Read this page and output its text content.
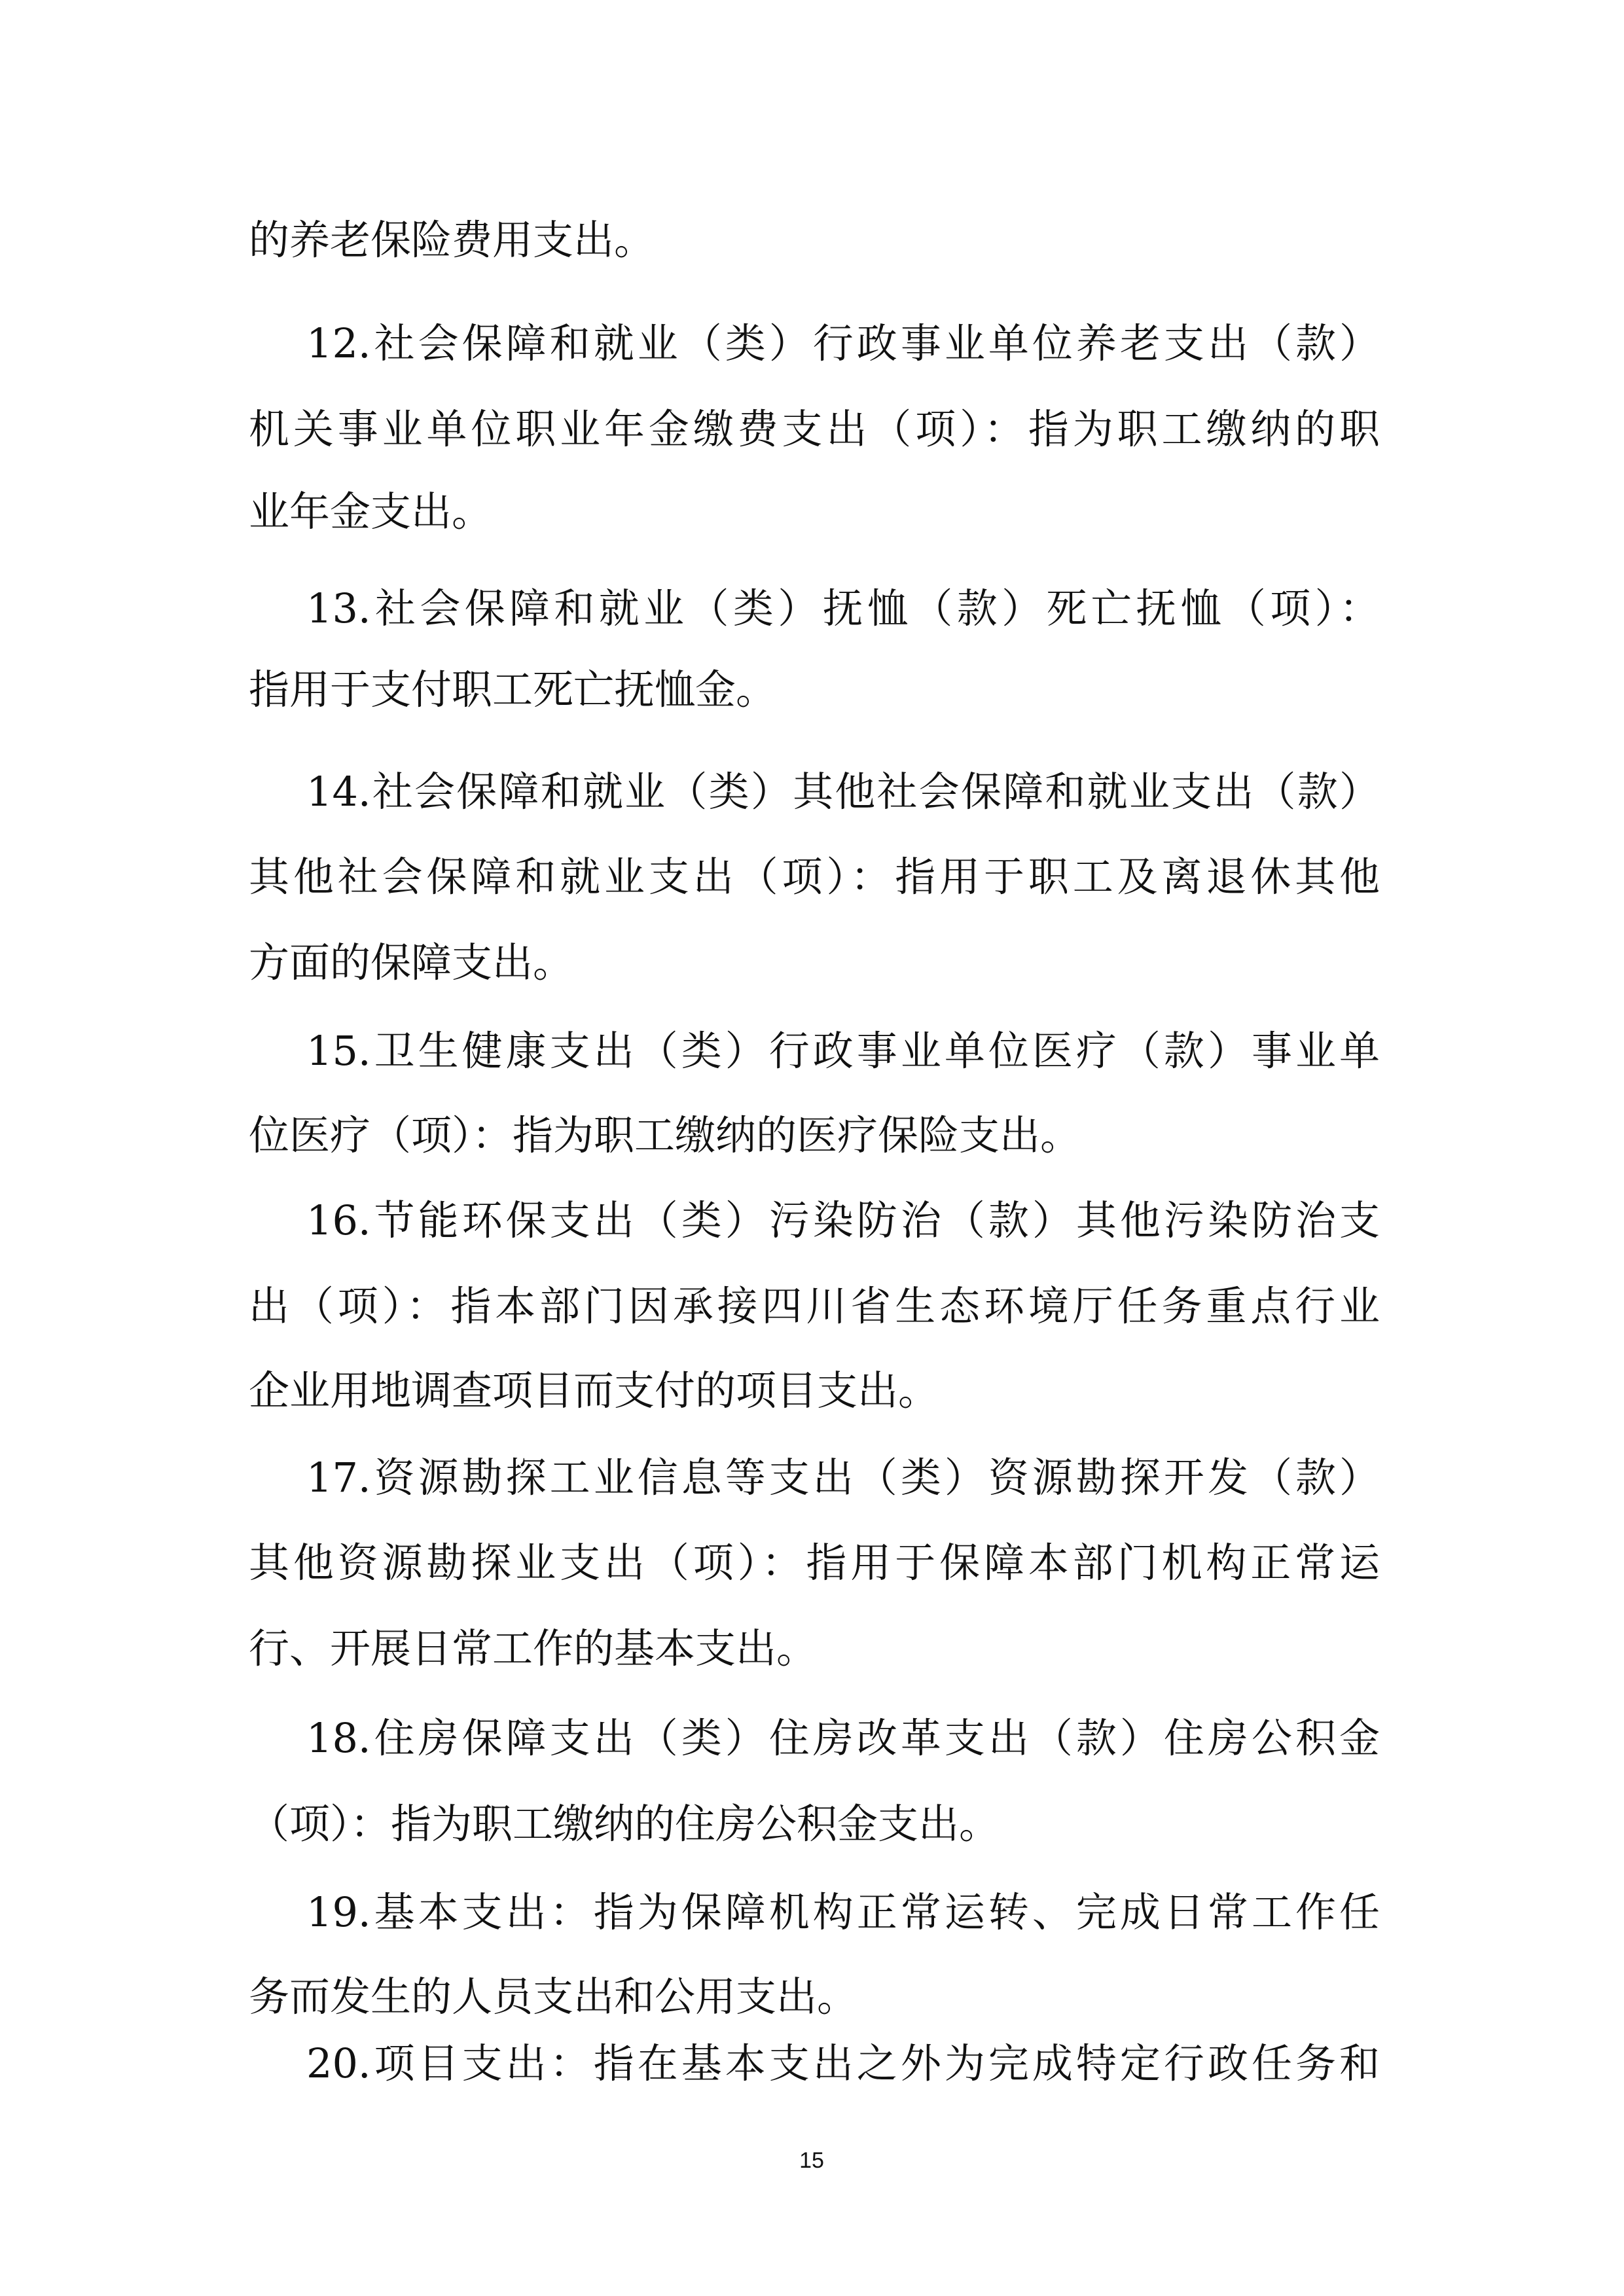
的养老保险费用支出。
12.社会保障和就业（类）行政事业单位养老支出（款）
机关事业单位职业年金缴费支出（项）：指为职工缴纳的职
业年金支出。
13.社会保障和就业（类）抚恤（款）死亡抚恤（项）：
指用于支付职工死亡抚恤金。
14.社会保障和就业（类）其他社会保障和就业支出（款）
其他社会保障和就业支出（项）：指用于职工及离退休其他
方面的保障支出。
15.卫生健康支出（类）行政事业单位医疗（款）事业单
位医疗（项）：指为职工缴纳的医疗保险支出。
16.节能环保支出（类）污染防治（款）其他污染防治支
出（项）：指本部门因承接四川省生态环境厅任务重点行业
企业用地调查项目而支付的项目支出。
17.资源勘探工业信息等支出（类）资源勘探开发（款）
其他资源勘探业支出（项）：指用于保障本部门机构正常运
行、开展日常工作的基本支出。
18.住房保障支出（类）住房改革支出（款）住房公积金
（项）：指为职工缴纳的住房公积金支出。
19.基本支出：指为保障机构正常运转、完成日常工作任
务而发生的人员支出和公用支出。
20.项目支出：指在基本支出之外为完成特定行政任务和
15
